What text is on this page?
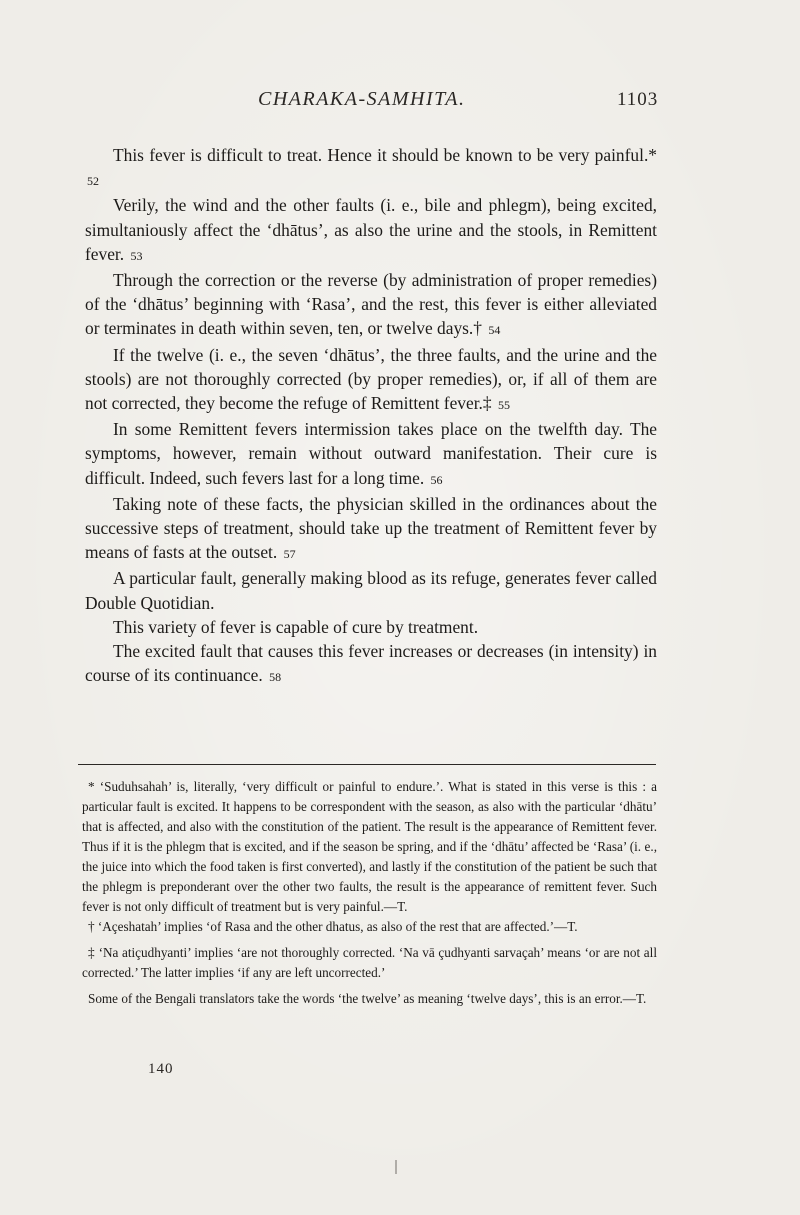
CHARAKA-SAMHITA.	1103

This fever is difficult to treat. Hence it should be known to be very painful.* 52

Verily, the wind and the other faults (i. e., bile and phlegm), being excited, simultaniously affect the ‘dhātus’, as also the urine and the stools, in Remittent fever. 53

Through the correction or the reverse (by administration of proper remedies) of the ‘dhātus’ beginning with ‘Rasa’, and the rest, this fever is either alleviated or terminates in death within seven, ten, or twelve days.† 54

If the twelve (i. e., the seven ‘dhātus’, the three faults, and the urine and the stools) are not thoroughly corrected (by proper remedies), or, if all of them are not corrected, they become the refuge of Remittent fever.‡ 55

In some Remittent fevers intermission takes place on the twelfth day. The symptoms, however, remain without outward manifestation. Their cure is difficult. Indeed, such fevers last for a long time. 56

Taking note of these facts, the physician skilled in the ordinances about the successive steps of treatment, should take up the treatment of Remittent fever by means of fasts at the outset. 57

A particular fault, generally making blood as its refuge, generates fever called Double Quotidian.

This variety of fever is capable of cure by treatment.

The excited fault that causes this fever increases or decreases (in intensity) in course of its continuance. 58

* ‘Suduhsahah’ is, literally, ‘very difficult or painful to endure.’. What is stated in this verse is this : a particular fault is excited. It happens to be correspondent with the season, as also with the particular ‘dhātu’ that is affected, and also with the constitution of the patient. The result is the appearance of Remittent fever. Thus if it is the phlegm that is excited, and if the season be spring, and if the ‘dhātu’ affected be ‘Rasa’ (i. e., the juice into which the food taken is first converted), and lastly if the constitution of the patient be such that the phlegm is preponderant over the other two faults, the result is the appearance of remittent fever. Such fever is not only difficult of treatment but is very painful.—T.

† ‘Açeshatah’ implies ‘of Rasa and the other dhatus, as also of the rest that are affected.’—T.

‡ ‘Na atiçudhyanti’ implies ‘are not thoroughly corrected. ‘Na vā çudhyanti sarvaçah’ means ‘or are not all corrected.’ The latter implies ‘if any are left uncorrected.’

Some of the Bengali translators take the words ‘the twelve’ as meaning ‘twelve days’, this is an error.—T.

140
